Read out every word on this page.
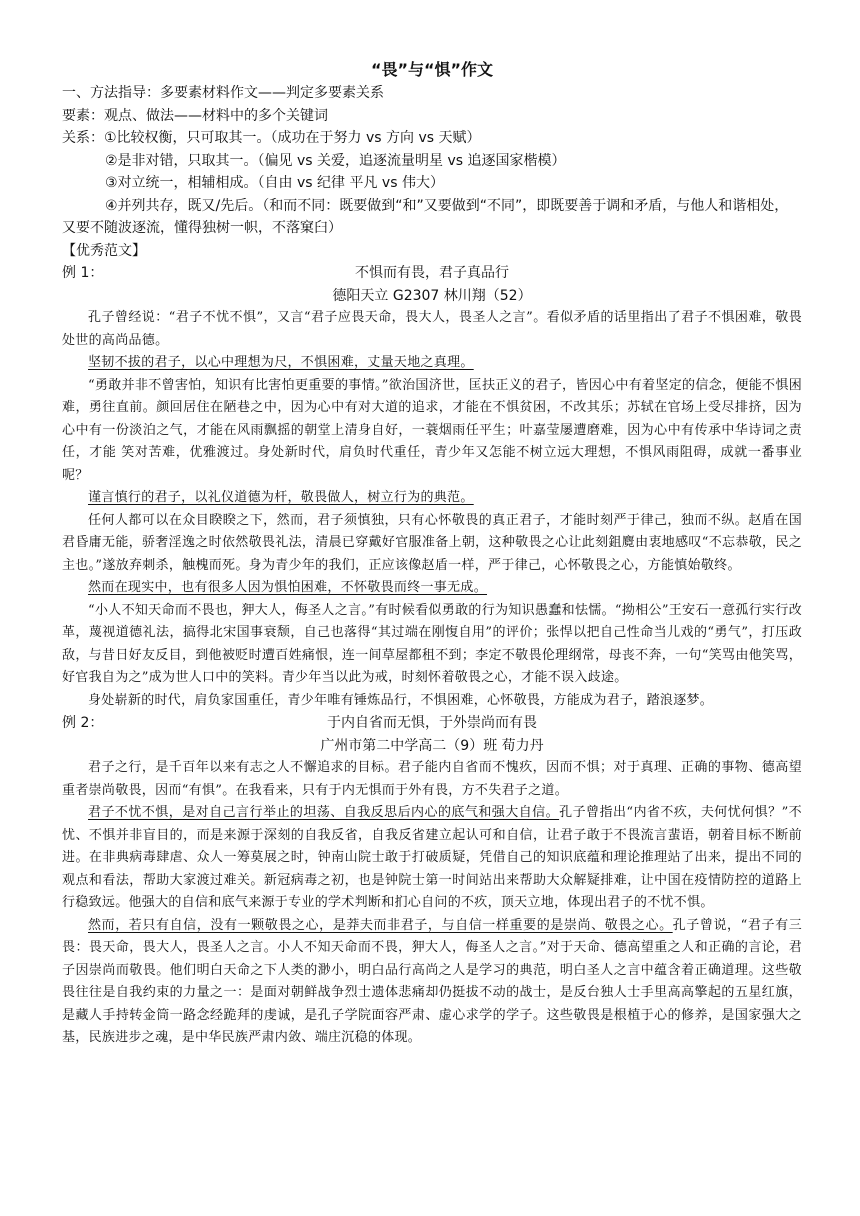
“畏”与“惧”作文
一、方法指导：多要素材料作文——判定多要素关系
要素：观点、做法——材料中的多个关键词
关系：①比较权衡，只可取其一。（成功在于努力 vs 方向 vs 天赋）
②是非对错，只取其一。（偏见 vs 关爱，追逐流量明星 vs 追逐国家楷模）
③对立统一，相辅相成。（自由 vs 纪律 平凡 vs 伟大）
④并列共存，既又/先后。（和而不同：既要做到“和”又要做到“不同”，即既要善于调和矛盾，与他人和谐相处，又要不随波逐流，懂得独树一帜，不落窠臼）
【优秀范文】
例 1：	不惧而有畏，君子真品行
德阳天立 G2307 林川翔（52）

孔子曾经说：“君子不忧不惧”，又言“君子应畏天命，畏大人，畏圣人之言”。看似矛盾的话里指出了君子不惧困难，敬畏处世的高尚品德。

坚韧不拔的君子，以心中理想为尺，不惧困难，丈量天地之真理。

“勇敢并非不曾害怕，知识有比害怕更重要的事情。”欲治国济世，匡扶正义的君子，皆因心中有着坚定的信念，便能不惧困难，勇往直前。颜回居住在陋巷之中，因为心中有对大道的追求，才能在不惧贫困，不改其乐；苏轼在官场上受尽排挤，因为心中有一份淡泊之气，才能在风雨飘摇的朝堂上清身自好，一蓑烟雨任平生；叶嘉莹屡遭磨难，因为心中有传承中华诗词之责任，才能 笑对苦难，优雅渡过。身处新时代，肩负时代重任，青少年又怎能不树立远大理想，不惧风雨阻碍，成就一番事业呢？

谨言慎行的君子，以礼仪道德为杆，敬畏做人，树立行为的典范。

任何人都可以在众目睽睽之下，然而，君子须慎独，只有心怀敬畏的真正君子，才能时刻严于律己，独而不纵。赵盾在国君昏庸无能，骄奢淫逸之时依然敬畏礼法，清晨已穿戴好官服准备上朝，这种敬畏之心让此刻鉏麑由衷地感叹“不忘恭敬，民之主也。”遂放弃刺杀，触槐而死。身为青少年的我们，正应该像赵盾一样，严于律己，心怀敬畏之心，方能慎始敬终。

然而在现实中，也有很多人因为惧怕困难，不怀敬畏而终一事无成。

“小人不知天命而不畏也，狎大人，侮圣人之言。”有时候看似勇敢的行为知识愚蠢和怯懦。“拗相公”王安石一意孤行实行改革，蔑视道德礼法，搞得北宋国事衰颓，自己也落得“其过端在刚愎自用”的评价；张悍以把自己性命当儿戏的“勇气”，打压政敌，与昔日好友反目，到他被贬时遭百姓痛恨，连一间草屋都租不到；李定不敬畏伦理纲常，母丧不奔，一句“笑骂由他笑骂，好官我自为之”成为世人口中的笑料。青少年当以此为戒，时刻怀着敬畏之心，才能不误入歧途。

身处崭新的时代，肩负家国重任，青少年唯有锤炼品行，不惧困难，心怀敬畏，方能成为君子，踏浪逐梦。

例 2：	于内自省而无惧，于外崇尚而有畏
广州市第二中学高二（9）班 荀力丹

君子之行，是千百年以来有志之人不懈追求的目标。君子能内自省而不愧疚，因而不惧；对于真理、正确的事物、德高望重者崇尚敬畏，因而“有惧”。在我看来，只有于内无惧而于外有畏，方不失君子之道。

君子不忧不惧，是对自己言行举止的坦荡、自我反思后内心的底气和强大自信。孔子曾指出“内省不疚，夫何忧何惧？”不忧、不惧并非盲目的，而是来源于深刻的自我反省，自我反省建立起认可和自信，让君子敢于不畏流言蜚语，朝着目标不断前进。在非典病毒肆虐、众人一筹莫展之时，钟南山院士敢于打破质疑，凭借自己的知识底蕴和理论推理站了出来，提出不同的观点和看法，帮助大家渡过难关。新冠病毒之初，也是钟院士第一时间站出来帮助大众解疑排难，让中国在疫情防控的道路上行稳致远。他强大的自信和底气来源于专业的学术判断和扪心自问的不疚，顶天立地，体现出君子的不忧不惧。

然而，若只有自信，没有一颗敬畏之心，是莽夫而非君子，与自信一样重要的是崇尚、敬畏之心。孔子曾说，“君子有三畏：畏天命，畏大人，畏圣人之言。小人不知天命而不畏，狎大人，侮圣人之言。”对于天命、德高望重之人和正确的言论，君子因崇尚而敬畏。他们明白天命之下人类的渺小，明白品行高尚之人是学习的典范，明白圣人之言中蕴含着正确道理。这些敬畏往往是自我约束的力量之一：是面对朝鲜战争烈士遗体悲痛却仍挺拔不动的战士，是反台独人士手里高高擎起的五星红旗，是藏人手持转金筒一路念经跪拜的虔诚，是孔子学院面容严肃、虚心求学的学子。这些敬畏是根植于心的修养，是国家强大之基，民族进步之魂，是中华民族严肃内敛、端庄沉稳的体现。
